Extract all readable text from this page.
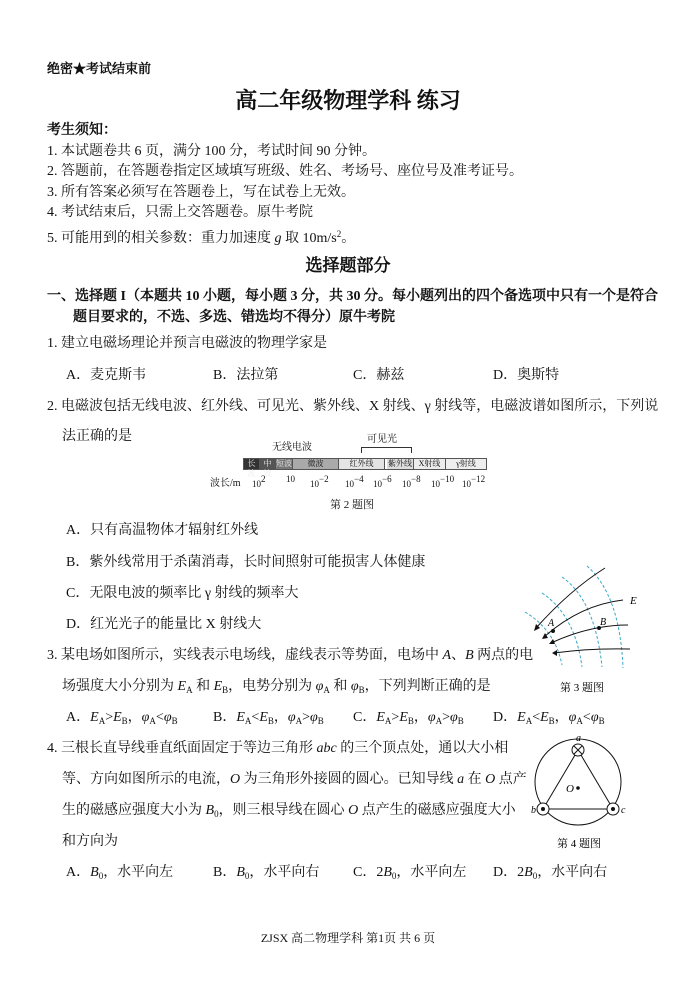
绝密★考试结束前
高二年级物理学科 练习
考生须知：
1. 本试题卷共 6 页，满分 100 分，考试时间 90 分钟。
2. 答题前，在答题卷指定区域填写班级、姓名、考场号、座位号及准考证号。
3. 所有答案必须写在答题卷上，写在试卷上无效。
4. 考试结束后，只需上交答题卷。原牛考院
5. 可能用到的相关参数：重力加速度 g 取 $10m/s^2$。
选择题部分
一、选择题 I（本题共 10 小题，每小题 3 分，共 30 分。每小题列出的四个备选项中只有一个是符合
题目要求的，不选、多选、错选均不得分）原牛考院
1. 建立电磁场理论并预言电磁波的物理学家是
A．麦克斯韦	B．法拉第	C．赫兹	D．奥斯特
2. 电磁波包括无线电波、红外线、可见光、紫外线、X 射线、γ 射线等，电磁波谱如图所示，下列说
法正确的是
无线电波
可见光
长波
中波
短波	微波	红外线	紫外线 X射线	γ射线
波长/m $10^2$ 10 $10^{-2}$ $10^{-4}$ $10^{-6}$ $10^{-8}$ $10^{-10}$ $10^{-12}$
第 2 题图
A．只有高温物体才辐射红外线
B．紫外线常用于杀菌消毒，长时间照射可能损害人体健康
C．无限电波的频率比 γ 射线的频率大
D．红光光子的能量比 X 射线大
E
A	B
第 3 题图
3. 某电场如图所示，实线表示电场线，虚线表示等势面，电场中 A、B 两点的电
场强度大小分别为 $E_A$ 和 $E_B$，电势分别为 $\varphi_A$ 和 $\varphi_B$，下列判断正确的是
A．$E_A>E_B$，$\varphi_A<\varphi_B$	B．$E_A<E_B$，$\varphi_A>\varphi_B$ C．$E_A>E_B$，$\varphi_A>\varphi_B$ D．$E_A<E_B$，$\varphi_A<\varphi_B$
a
b	c
O
第 4 题图
4. 三根长直导线垂直纸面固定于等边三角形 abc 的三个顶点处，通以大小相
等、方向如图所示的电流，O 为三角形外接圆的圆心。已知导线 a 在 O 点产
生的磁感应强度大小为 $B_0$，则三根导线在圆心 O 点产生的磁感应强度大小
和方向为
A．$B_0$，水平向左	B．$B_0$，水平向右 C．$2B_0$，水平向左 D．$2B_0$，水平向右
ZJSX 高二物理学科 第1页 共 6 页
